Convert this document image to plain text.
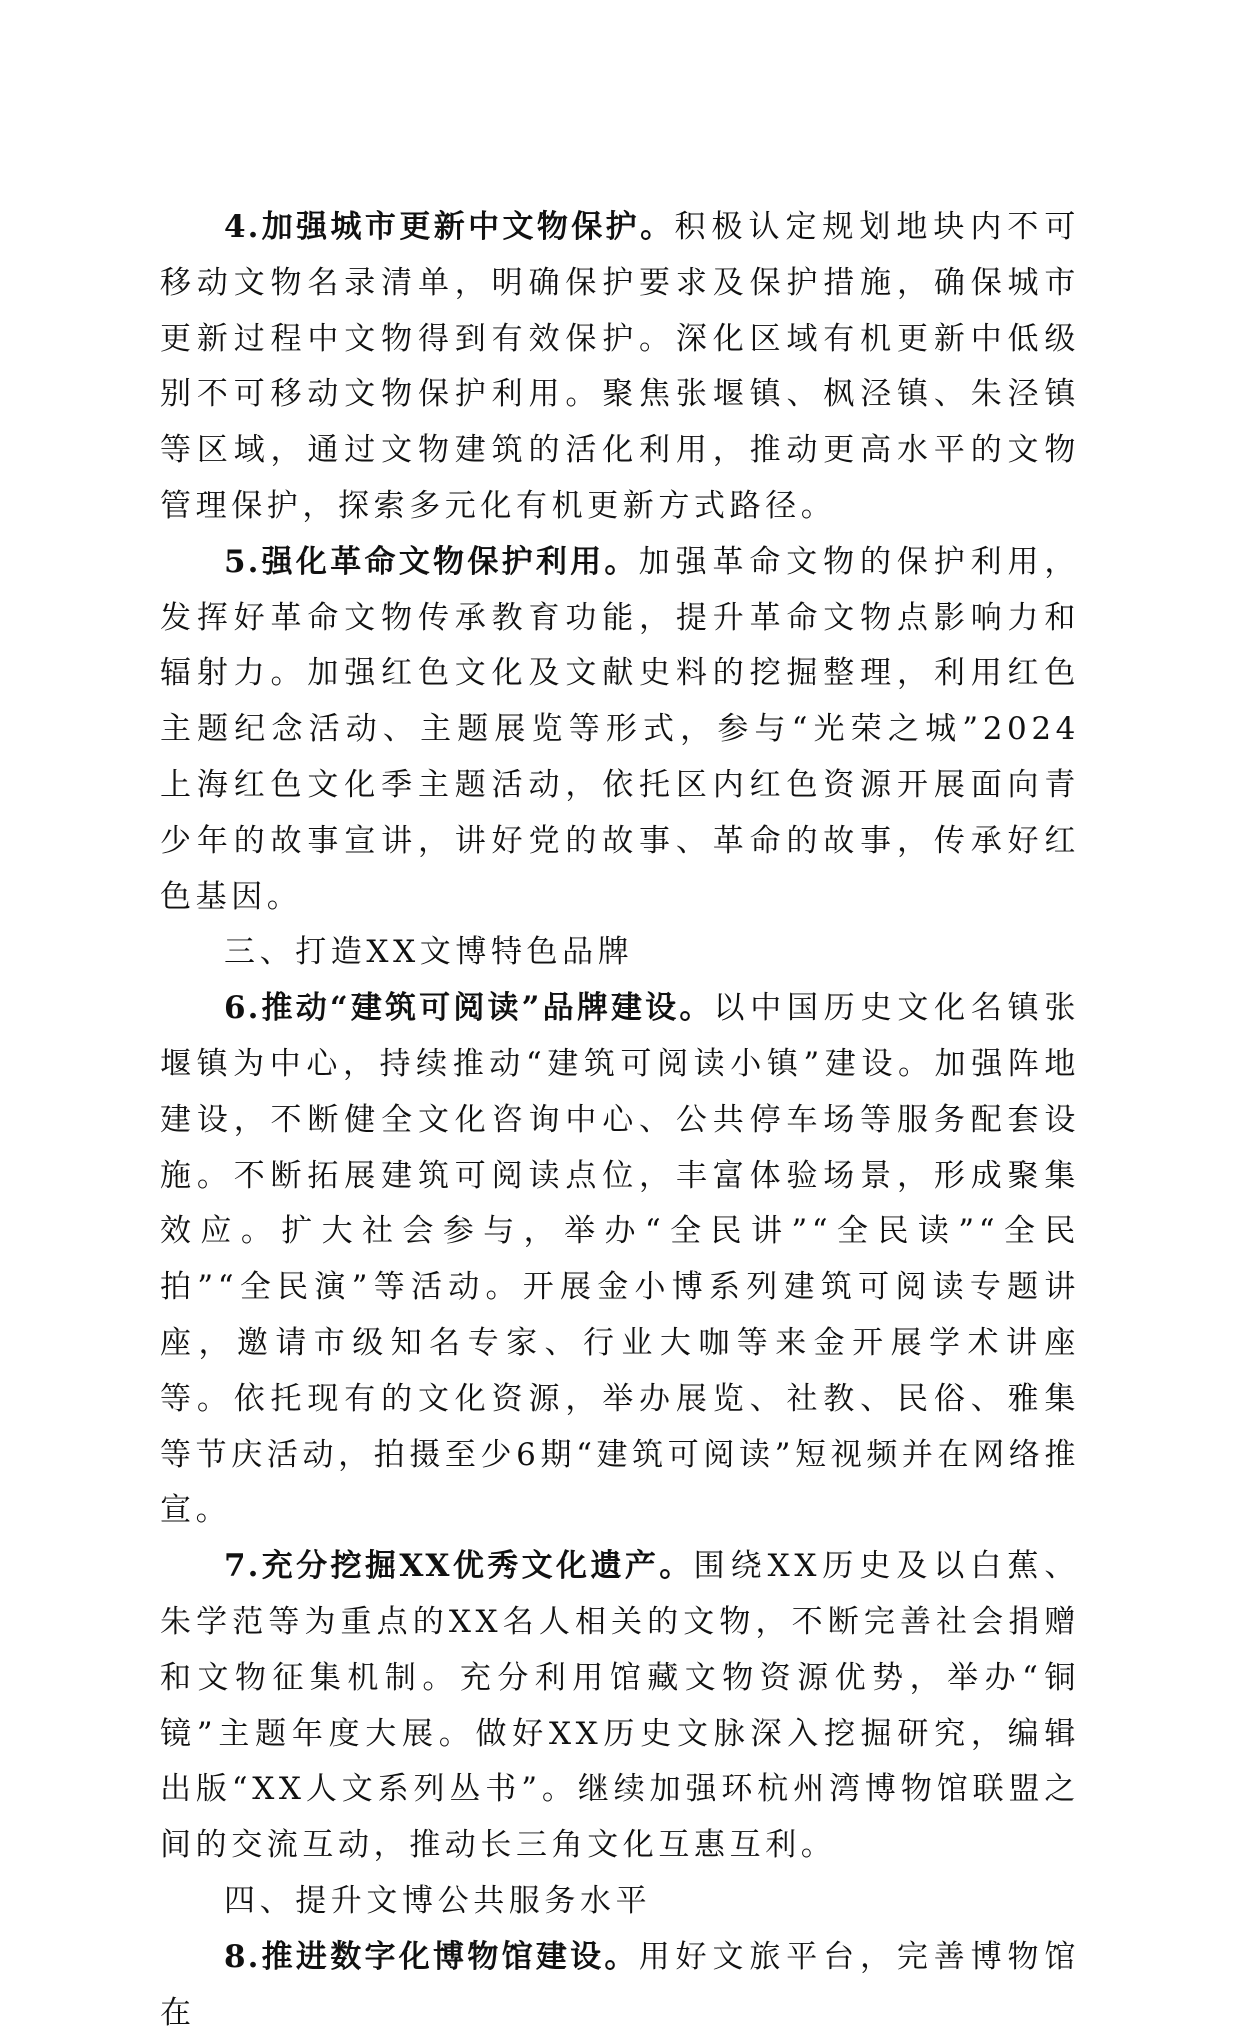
4.加强城市更新中文物保护。积极认定规划地块内不可移动文物名录清单，明确保护要求及保护措施，确保城市更新过程中文物得到有效保护。深化区域有机更新中低级别不可移动文物保护利用。聚焦张堰镇、枫泾镇、朱泾镇等区域，通过文物建筑的活化利用，推动更高水平的文物管理保护，探索多元化有机更新方式路径。

5.强化革命文物保护利用。加强革命文物的保护利用，发挥好革命文物传承教育功能，提升革命文物点影响力和辐射力。加强红色文化及文献史料的挖掘整理，利用红色主题纪念活动、主题展览等形式，参与“光荣之城”2024上海红色文化季主题活动，依托区内红色资源开展面向青少年的故事宣讲，讲好党的故事、革命的故事，传承好红色基因。

三、打造XX文博特色品牌

6.推动“建筑可阅读”品牌建设。以中国历史文化名镇张堰镇为中心，持续推动“建筑可阅读小镇”建设。加强阵地建设，不断健全文化咨询中心、公共停车场等服务配套设施。不断拓展建筑可阅读点位，丰富体验场景，形成聚集效应。扩大社会参与，举办“全民讲”“全民读”“全民拍”“全民演”等活动。开展金小博系列建筑可阅读专题讲座，邀请市级知名专家、行业大咖等来金开展学术讲座等。依托现有的文化资源，举办展览、社教、民俗、雅集等节庆活动，拍摄至少6期“建筑可阅读”短视频并在网络推宣。

7.充分挖掘XX优秀文化遗产。围绕XX历史及以白蕉、朱学范等为重点的XX名人相关的文物，不断完善社会捐赠和文物征集机制。充分利用馆藏文物资源优势，举办“铜镜”主题年度大展。做好XX历史文脉深入挖掘研究，编辑出版“XX人文系列丛书”。继续加强环杭州湾博物馆联盟之间的交流互动，推动长三角文化互惠互利。

四、提升文博公共服务水平

8.推进数字化博物馆建设。用好文旅平台，完善博物馆在
